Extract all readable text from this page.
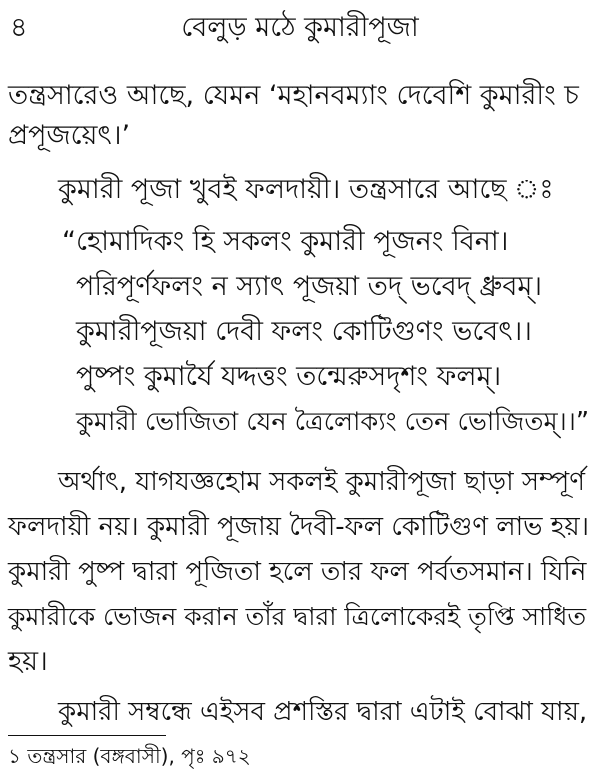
৪	বেলুড় মঠে কুমারীপূজা
তন্ত্রসারেও আছে, যেমন ‘মহানবম্যাং দেবেশি কুমারীং চ
প্রপূজয়েৎ।’
কুমারী পূজা খুবই ফলদায়ী। তন্ত্রসারে আছে ঃ
“হোমাদিকং হি সকলং কুমারী পূজনং বিনা।
পরিপূর্ণফলং ন স্যাৎ পূজয়া তদ্ ভবেদ্ ধ্রুবম্।
কুমারীপূজয়া দেবী ফলং কোটিগুণং ভবেৎ।।
পুষ্পং কুমার্যৈ যদ্দত্তং তন্মেরুসদৃশং ফলম্।
কুমারী ভোজিতা যেন ত্রৈলোক্যং তেন ভোজিতম্।।”
অর্থাৎ, যাগযজ্ঞহোম সকলই কুমারীপূজা ছাড়া সম্পূর্ণ
ফলদায়ী নয়। কুমারী পূজায় দৈবী-ফল কোটিগুণ লাভ হয়।
কুমারী পুষ্প দ্বারা পূজিতা হলে তার ফল পর্বতসমান। যিনি
কুমারীকে ভোজন করান তাঁর দ্বারা ত্রিলোকেরই তৃপ্তি সাধিত
হয়।
কুমারী সম্বন্ধে এইসব প্রশস্তির দ্বারা এটাই বোঝা যায়,
১ তন্ত্রসার (বঙ্গবাসী), পৃঃ ৯৭২
